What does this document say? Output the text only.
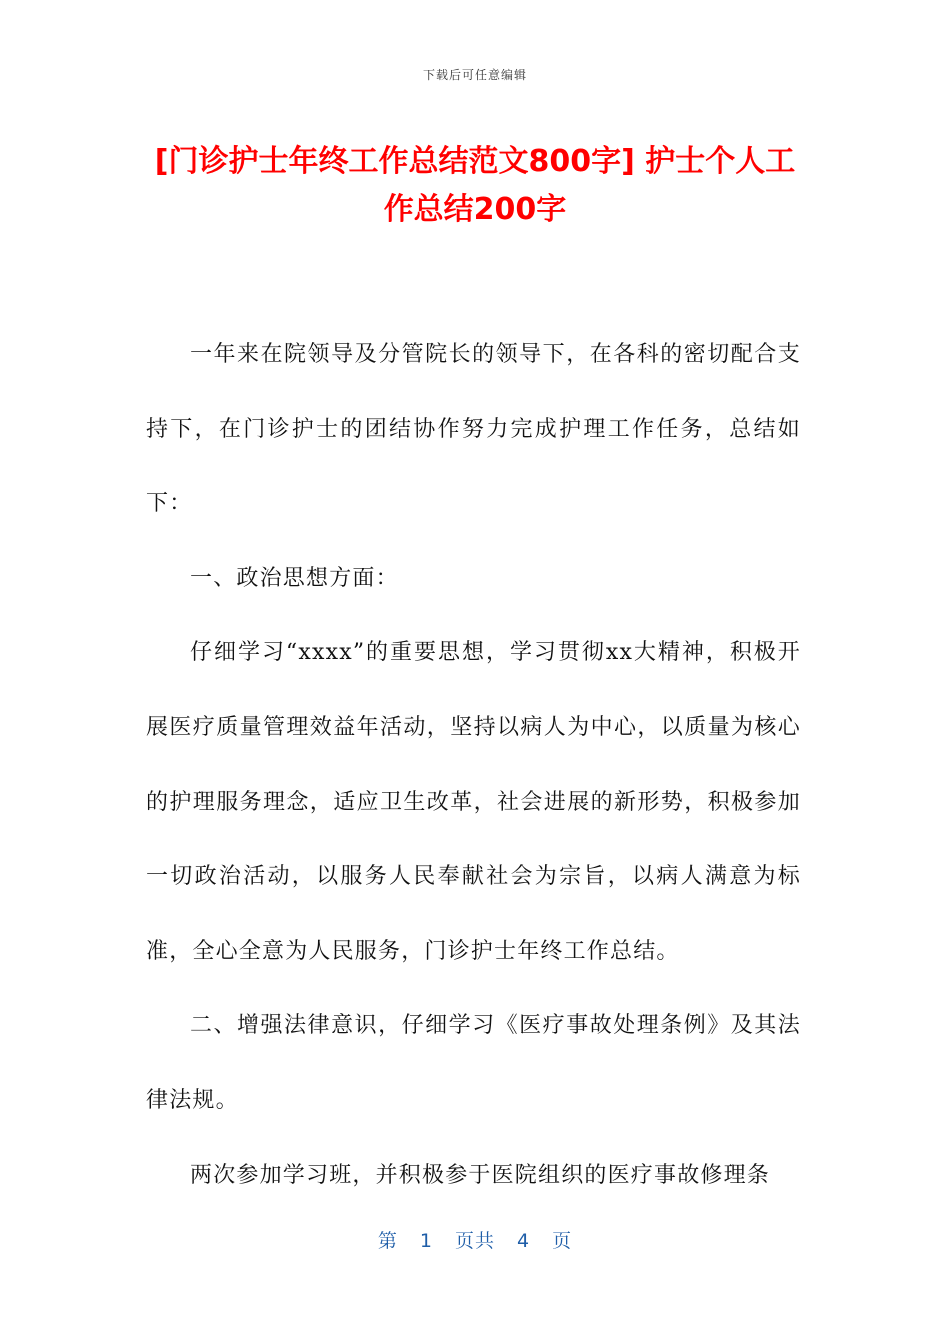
下载后可任意编辑
[门诊护士年终工作总结范文800字] 护士个人工作总结200字

一年来在院领导及分管院长的领导下，在各科的密切配合支持下，在门诊护士的团结协作努力完成护理工作任务，总结如下：

一、政治思想方面：

仔细学习“xxxx”的重要思想，学习贯彻xx大精神，积极开展医疗质量管理效益年活动，坚持以病人为中心，以质量为核心的护理服务理念，适应卫生改革，社会进展的新形势，积极参加一切政治活动，以服务人民奉献社会为宗旨，以病人满意为标准，全心全意为人民服务，门诊护士年终工作总结。

二、增强法律意识，仔细学习《医疗事故处理条例》及其法律法规。

两次参加学习班，并积极参于医院组织的医疗事故修理条

第 1 页共 4 页
